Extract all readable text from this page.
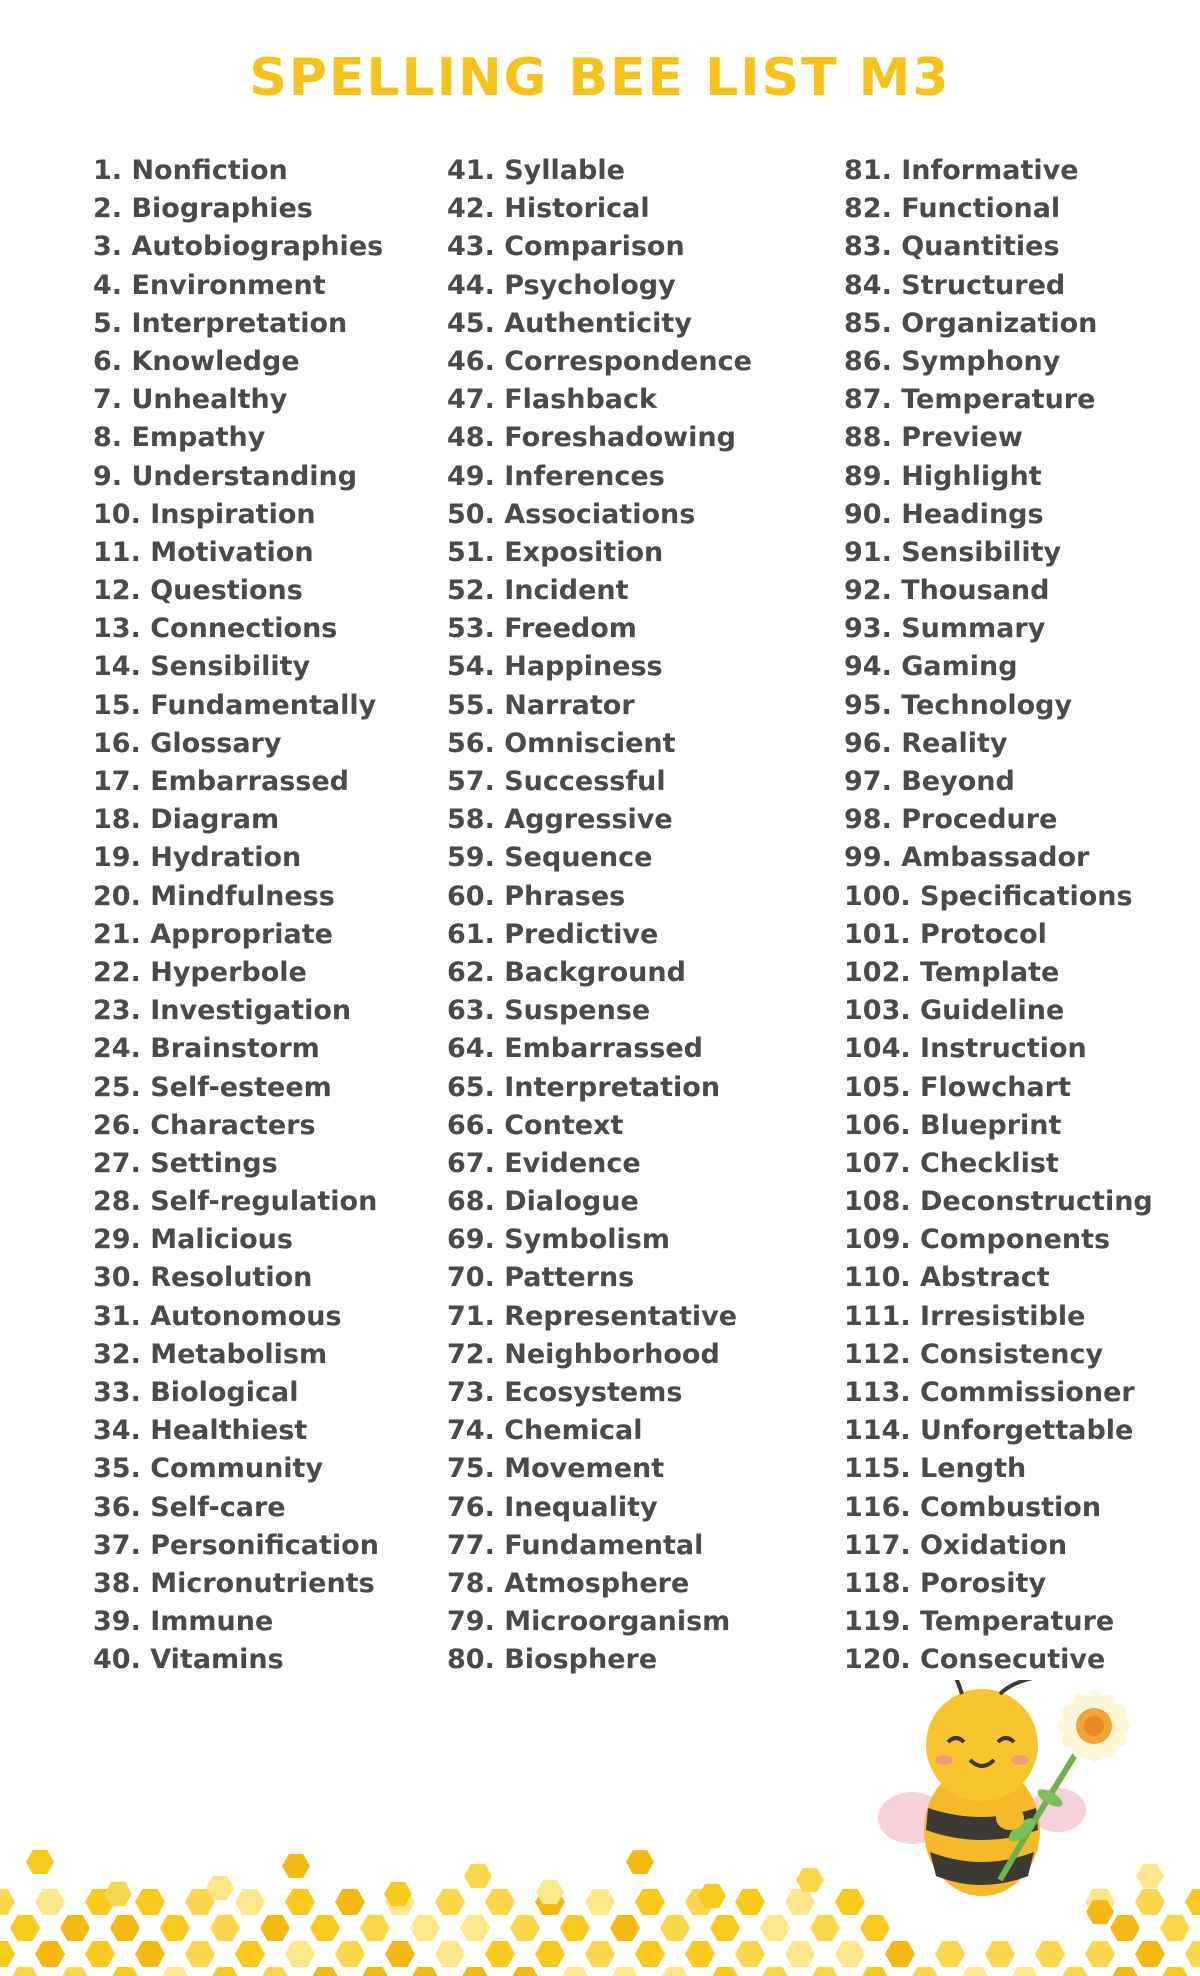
SPELLING BEE LIST M3
1. Nonfiction
2. Biographies
3. Autobiographies
4. Environment
5. Interpretation
6. Knowledge
7. Unhealthy
8. Empathy
9. Understanding
10. Inspiration
11. Motivation
12. Questions
13. Connections
14. Sensibility
15. Fundamentally
16. Glossary
17. Embarrassed
18. Diagram
19. Hydration
20. Mindfulness
21. Appropriate
22. Hyperbole
23. Investigation
24. Brainstorm
25. Self-esteem
26. Characters
27. Settings
28. Self-regulation
29. Malicious
30. Resolution
31. Autonomous
32. Metabolism
33. Biological
34. Healthiest
35. Community
36. Self-care
37. Personification
38. Micronutrients
39. Immune
40. Vitamins
41. Syllable
42. Historical
43. Comparison
44. Psychology
45. Authenticity
46. Correspondence
47. Flashback
48. Foreshadowing
49. Inferences
50. Associations
51. Exposition
52. Incident
53. Freedom
54. Happiness
55. Narrator
56. Omniscient
57. Successful
58. Aggressive
59. Sequence
60. Phrases
61. Predictive
62. Background
63. Suspense
64. Embarrassed
65. Interpretation
66. Context
67. Evidence
68. Dialogue
69. Symbolism
70. Patterns
71. Representative
72. Neighborhood
73. Ecosystems
74. Chemical
75. Movement
76. Inequality
77. Fundamental
78. Atmosphere
79. Microorganism
80. Biosphere
81. Informative
82. Functional
83. Quantities
84. Structured
85. Organization
86. Symphony
87. Temperature
88. Preview
89. Highlight
90. Headings
91. Sensibility
92. Thousand
93. Summary
94. Gaming
95. Technology
96. Reality
97. Beyond
98. Procedure
99. Ambassador
100. Specifications
101. Protocol
102. Template
103. Guideline
104. Instruction
105. Flowchart
106. Blueprint
107. Checklist
108. Deconstructing
109. Components
110. Abstract
111. Irresistible
112. Consistency
113. Commissioner
114. Unforgettable
115. Length
116. Combustion
117. Oxidation
118. Porosity
119. Temperature
120. Consecutive
